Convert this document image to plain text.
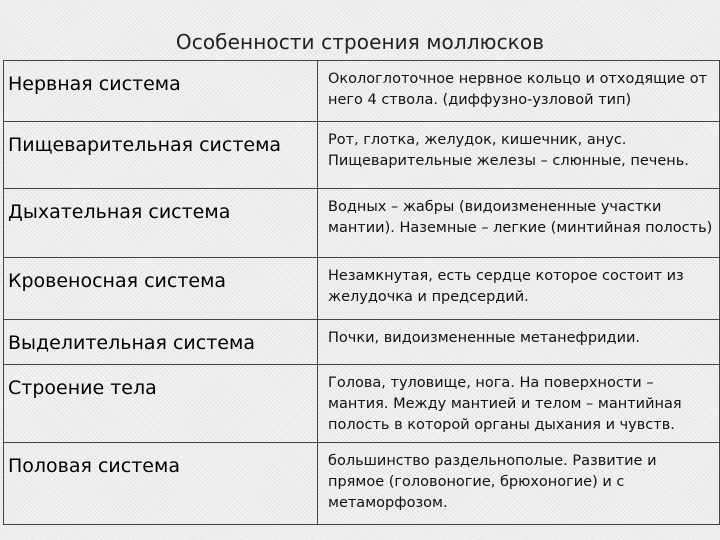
Особенности строения моллюсков
Нервная система	Окологлоточное нервное кольцо и отходящие от него 4 ствола. (диффузно-узловой тип)
Пищеварительная система	Рот, глотка, желудок, кишечник, анус. Пищеварительные железы – слюнные, печень.
Дыхательная система	Водных – жабры (видоизмененные участки мантии). Наземные – легкие (минтийная полость)
Кровеносная система	Незамкнутая, есть сердце которое состоит из желудочка и предсердий.
Выделительная система	Почки, видоизмененные метанефридии.
Строение тела	Голова, туловище, нога. На поверхности – мантия. Между мантией и телом – мантийная полость в которой органы дыхания и чувств.
Половая система	большинство раздельнополые. Развитие и прямое (головоногие, брюхоногие) и с метаморфозом.
